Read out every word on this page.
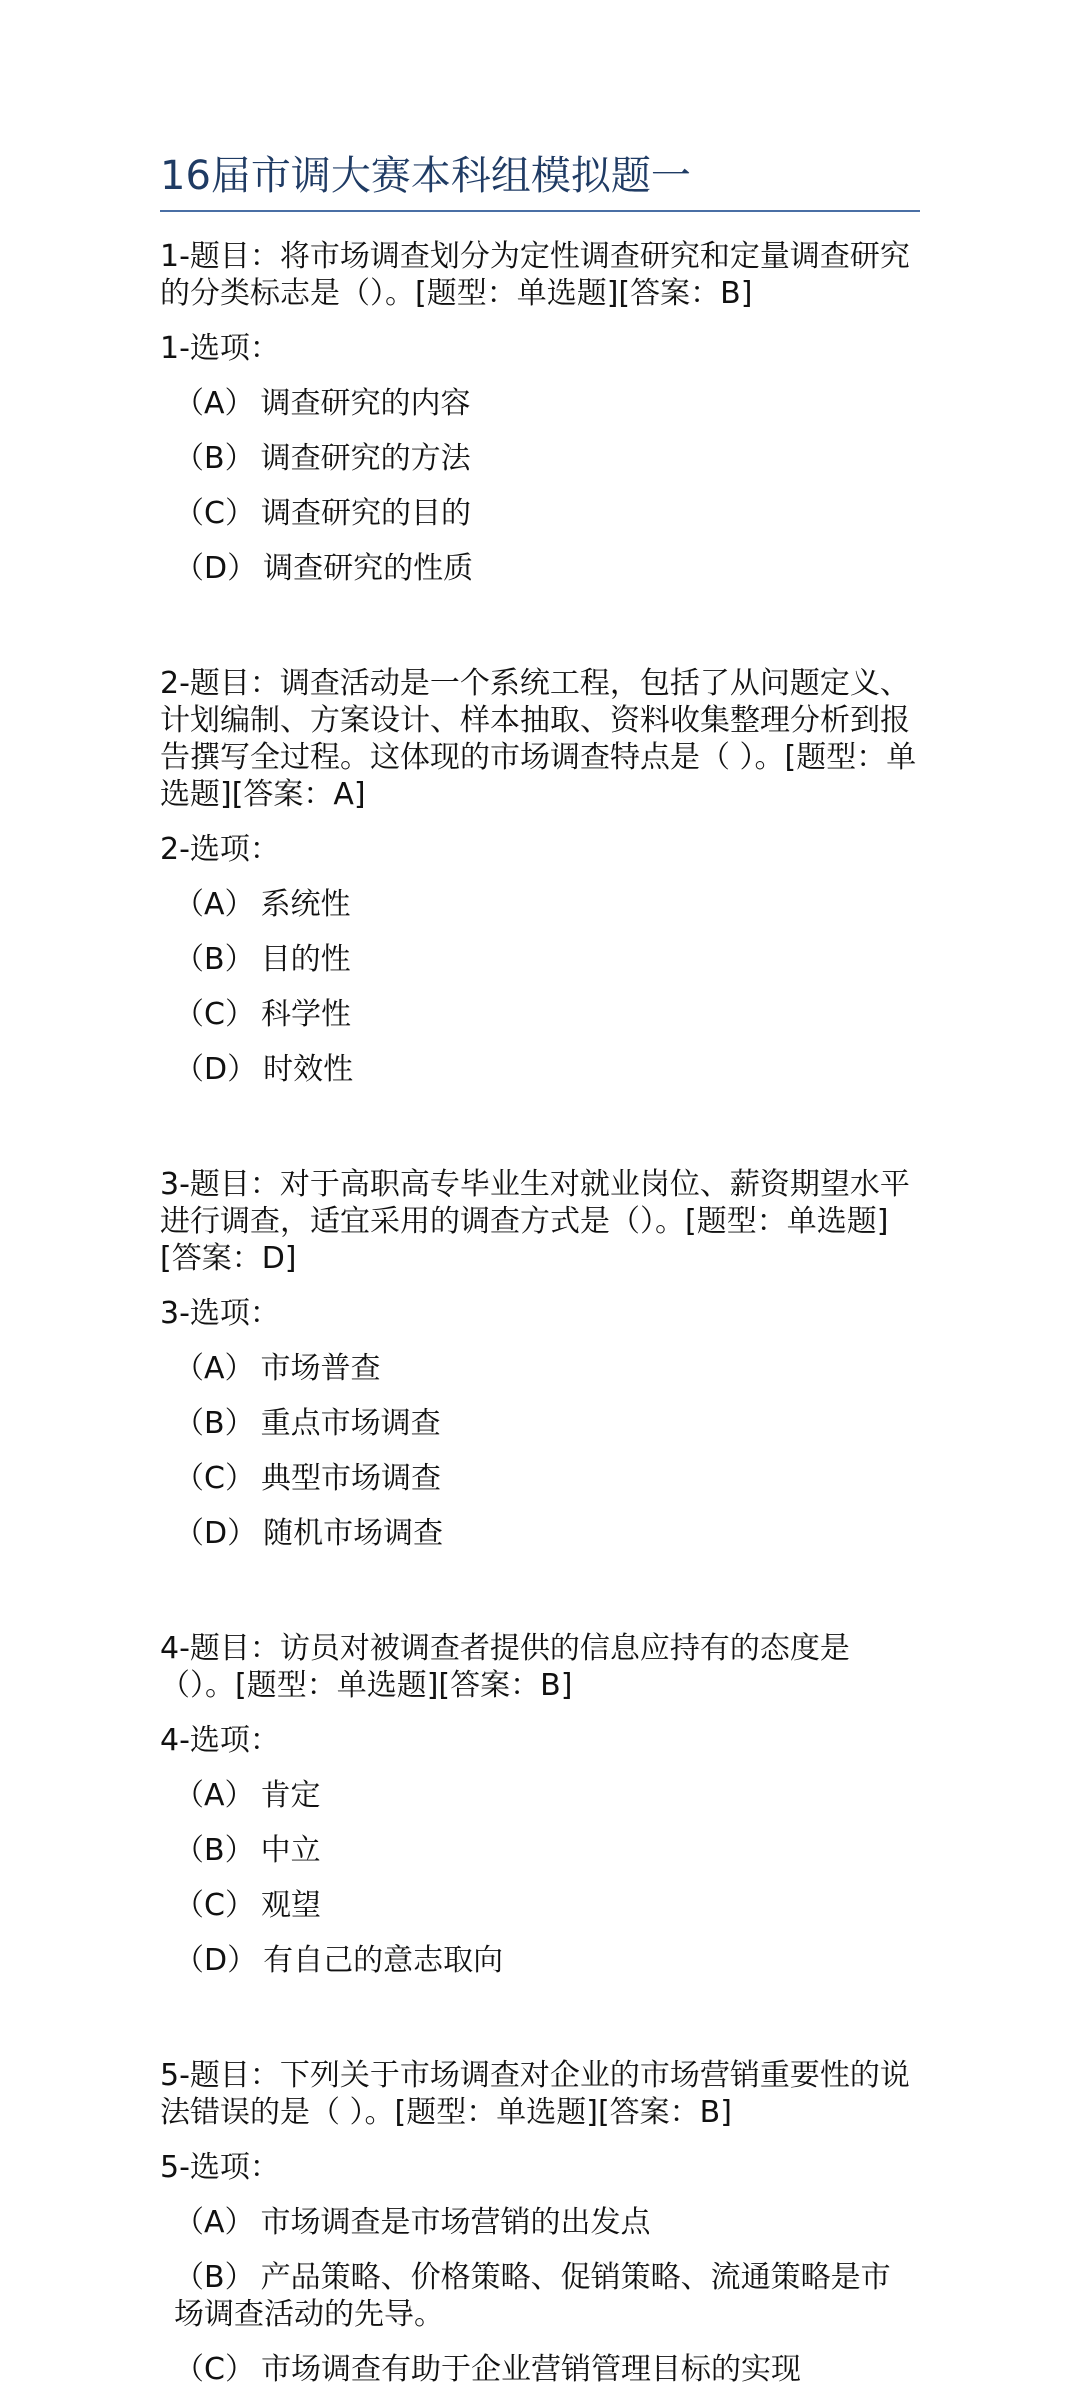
16届市调大赛本科组模拟题一

1-题目：将市场调查划分为定性调查研究和定量调查研究的分类标志是（）。[题型：单选题][答案：B]

1-选项：
（A） 调查研究的内容
（B） 调查研究的方法
（C） 调查研究的目的
（D） 调查研究的性质

2-题目：调查活动是一个系统工程，包括了从问题定义、计划编制、方案设计、样本抽取、资料收集整理分析到报告撰写全过程。这体现的市场调查特点是（ ）。[题型：单选题][答案：A]

2-选项：
（A） 系统性
（B） 目的性
（C） 科学性
（D） 时效性

3-题目：对于高职高专毕业生对就业岗位、薪资期望水平进行调查，适宜采用的调查方式是（）。[题型：单选题][答案：D]

3-选项：
（A） 市场普查
（B） 重点市场调查
（C） 典型市场调查
（D） 随机市场调查

4-题目：访员对被调查者提供的信息应持有的态度是（）。[题型：单选题][答案：B]

4-选项：
（A） 肯定
（B） 中立
（C） 观望
（D） 有自己的意志取向

5-题目：下列关于市场调查对企业的市场营销重要性的说法错误的是（ ）。[题型：单选题][答案：B]

5-选项：
（A） 市场调查是市场营销的出发点
（B） 产品策略、价格策略、促销策略、流通策略是市场调查活动的先导。
（C） 市场调查有助于企业营销管理目标的实现
